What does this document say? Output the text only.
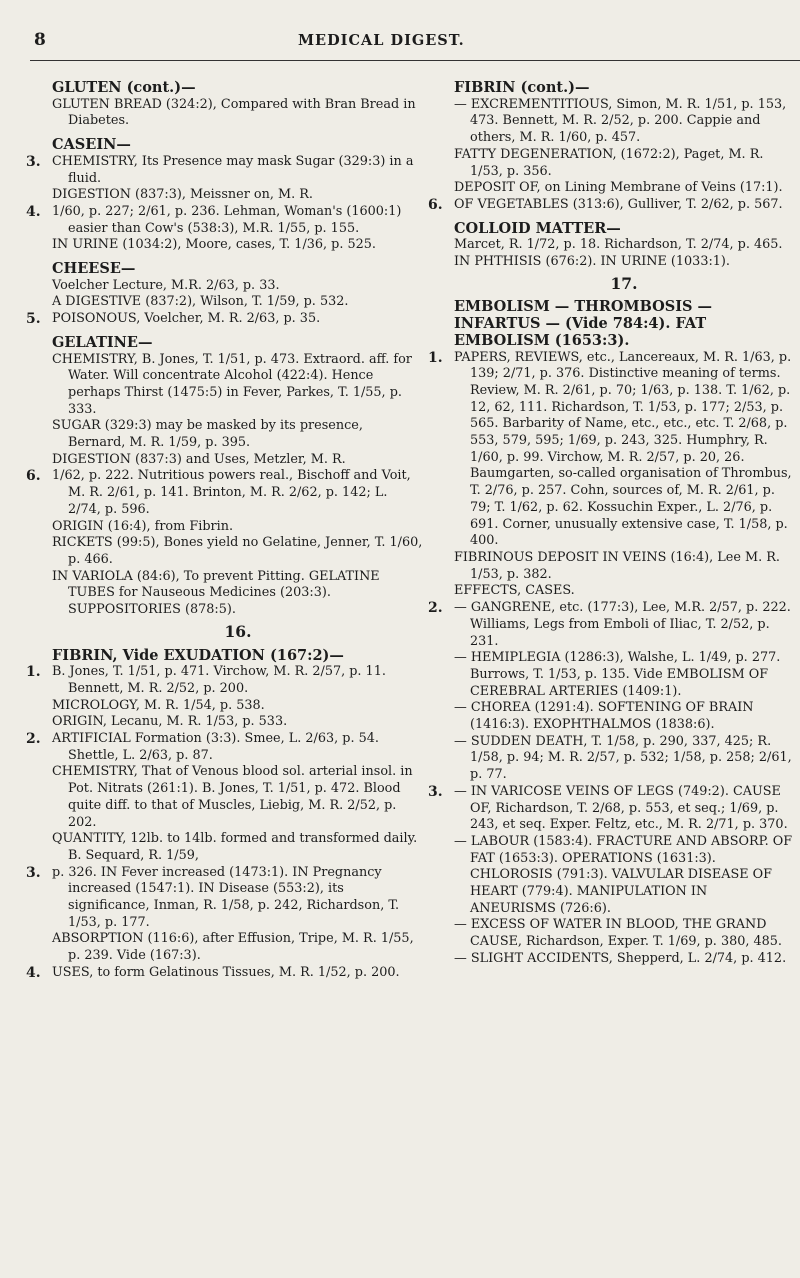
8	MEDICAL DIGEST.
GLUTEN (cont.)—
GLUTEN BREAD (324:2), Compared with Bran Bread in Diabetes.
CASEIN—
3. CHEMISTRY, Its Presence may mask Sugar (329:3) in a fluid.
DIGESTION (837:3), Meissner on, M. R.
4. 1/60, p. 227; 2/61, p. 236. Lehman, Woman's (1600:1) easier than Cow's (538:3), M.R. 1/55, p. 155.
IN URINE (1034:2), Moore, cases, T. 1/36, p. 525.
CHEESE—
Voelcher Lecture, M.R. 2/63, p. 33.
A DIGESTIVE (837:2), Wilson, T. 1/59, p. 532.
5. POISONOUS, Voelcher, M. R. 2/63, p. 35.
GELATINE—
CHEMISTRY, B. Jones, T. 1/51, p. 473. Extraord. aff. for Water. Will concentrate Alcohol (422:4). Hence perhaps Thirst (1475:5) in Fever, Parkes, T. 1/55, p. 333.
SUGAR (329:3) may be masked by its presence, Bernard, M. R. 1/59, p. 395.
DIGESTION (837:3) and Uses, Metzler, M. R.
6. 1/62, p. 222. Nutritious powers real., Bischoff and Voit, M. R. 2/61, p. 141. Brinton, M. R. 2/62, p. 142; L. 2/74, p. 596.
ORIGIN (16:4), from Fibrin.
RICKETS (99:5), Bones yield no Gelatine, Jenner, T. 1/60, p. 466.
IN VARIOLA (84:6), To prevent Pitting. GELATINE TUBES for Nauseous Medicines (203:3). SUPPOSITORIES (878:5).
16.
FIBRIN, Vide EXUDATION (167:2)—
1. B. Jones, T. 1/51, p. 471. Virchow, M. R. 2/57, p. 11. Bennett, M. R. 2/52, p. 200.
MICROLOGY, M. R. 1/54, p. 538.
ORIGIN, Lecanu, M. R. 1/53, p. 533.
2. ARTIFICIAL Formation (3:3). Smee, L. 2/63, p. 54. Shettle, L. 2/63, p. 87.
CHEMISTRY, That of Venous blood sol. arterial insol. in Pot. Nitrats (261:1). B. Jones, T. 1/51, p. 472. Blood quite diff. to that of Muscles, Liebig, M. R. 2/52, p. 202.
QUANTITY, 12lb. to 14lb. formed and transformed daily. B. Sequard, R. 1/59,
3. p. 326. IN Fever increased (1473:1). IN Pregnancy increased (1547:1). IN Disease (553:2), its significance, Inman, R. 1/58, p. 242, Richardson, T. 1/53, p. 177.
ABSORPTION (116:6), after Effusion, Tripe, M. R. 1/55, p. 239. Vide (167:3).
4. USES, to form Gelatinous Tissues, M. R. 1/52, p. 200.
FIBRIN (cont.)—
— EXCREMENTITIOUS, Simon, M. R. 1/51, p. 153, 473. Bennett, M. R. 2/52, p. 200. Cappie and others, M. R. 1/60, p. 457.
FATTY DEGENERATION, (1672:2), Paget, M. R. 1/53, p. 356.
DEPOSIT OF, on Lining Membrane of Veins (17:1).
6. OF VEGETABLES (313:6), Gulliver, T. 2/62, p. 567.
COLLOID MATTER—
Marcet, R. 1/72, p. 18. Richardson, T. 2/74, p. 465.
IN PHTHISIS (676:2). IN URINE (1033:1).
17.
EMBOLISM — THROMBOSIS — INFARTUS — (Vide 784:4). FAT EMBOLISM (1653:3).
1. PAPERS, REVIEWS, etc., Lancereaux, M. R. 1/63, p. 139; 2/71, p. 376. Distinctive meaning of terms. Review, M. R. 2/61, p. 70; 1/63, p. 138. T. 1/62, p. 12, 62, 111. Richardson, T. 1/53, p. 177; 2/53, p. 565. Barbarity of Name, etc., etc., etc. T. 2/68, p. 553, 579, 595; 1/69, p. 243, 325. Humphry, R. 1/60, p. 99. Virchow, M. R. 2/57, p. 20, 26. Baumgarten, so-called organisation of Thrombus, T. 2/76, p. 257. Cohn, sources of, M. R. 2/61, p. 79; T. 1/62, p. 62. Kossuchin Exper., L. 2/76, p. 691. Corner, unusually extensive case, T. 1/58, p. 400.
FIBRINOUS DEPOSIT IN VEINS (16:4), Lee M. R. 1/53, p. 382.
EFFECTS, CASES.
2. — GANGRENE, etc. (177:3), Lee, M.R. 2/57, p. 222. Williams, Legs from Emboli of Iliac, T. 2/52, p. 231.
— HEMIPLEGIA (1286:3), Walshe, L. 1/49, p. 277. Burrows, T. 1/53, p. 135. Vide EMBOLISM OF CEREBRAL ARTERIES (1409:1).
— CHOREA (1291:4). SOFTENING OF BRAIN (1416:3). EXOPHTHALMOS (1838:6).
— SUDDEN DEATH, T. 1/58, p. 290, 337, 425; R. 1/58, p. 94; M. R. 2/57, p. 532; 1/58, p. 258; 2/61, p. 77.
3. — IN VARICOSE VEINS OF LEGS (749:2). CAUSE OF, Richardson, T. 2/68, p. 553, et seq.; 1/69, p. 243, et seq. Exper. Feltz, etc., M. R. 2/71, p. 370.
— LABOUR (1583:4). FRACTURE AND ABSORP. OF FAT (1653:3). OPERATIONS (1631:3). CHLOROSIS (791:3). VALVULAR DISEASE OF HEART (779:4). MANIPULATION IN ANEURISMS (726:6).
— EXCESS OF WATER IN BLOOD, THE GRAND CAUSE, Richardson, Exper. T. 1/69, p. 380, 485.
— SLIGHT ACCIDENTS, Shepperd, L. 2/74, p. 412.
